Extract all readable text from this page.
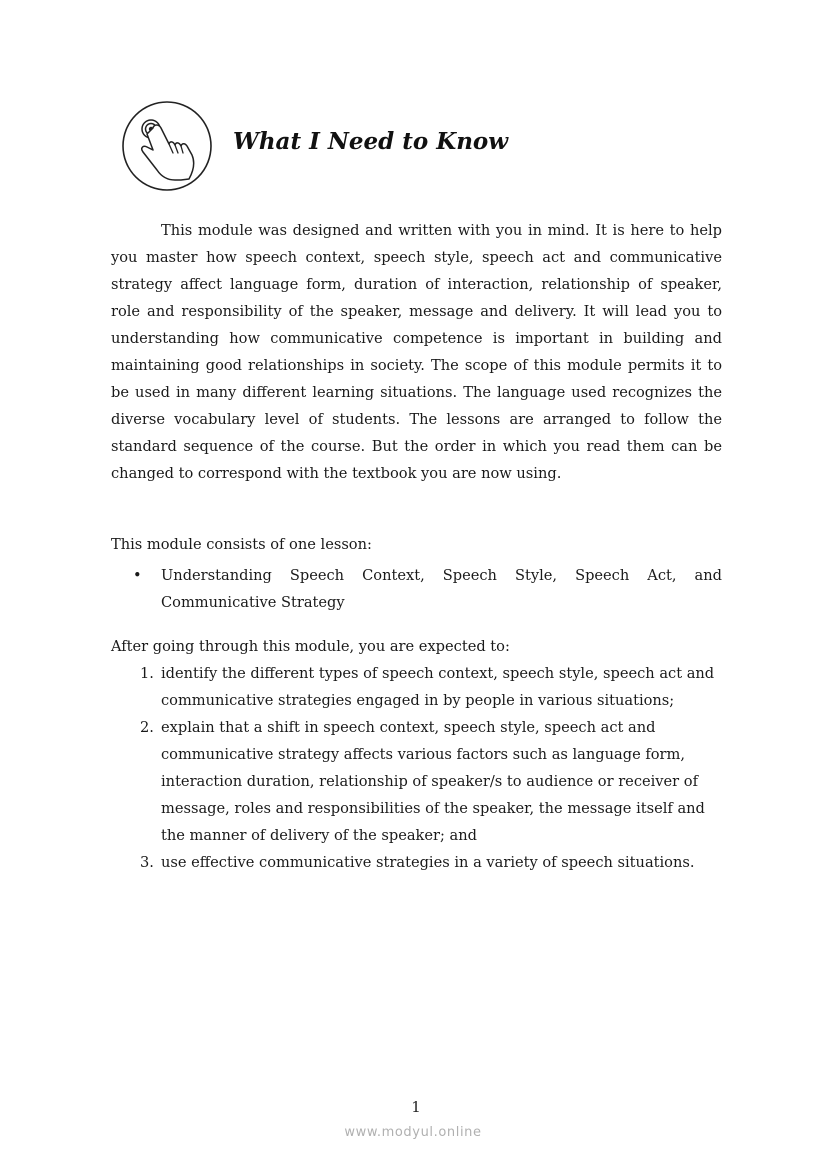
What I Need to Know

This module was designed and written with you in mind. It is here to help you master how speech context, speech style, speech act and communicative strategy affect language form, duration of interaction, relationship of speaker, role and responsibility of the speaker, message and delivery. It will lead you to understanding how communicative competence is important in building and maintaining good relationships in society. The scope of this module permits it to be used in many different learning situations. The language used recognizes the diverse vocabulary level of students. The lessons are arranged to follow the standard sequence of the course. But the order in which you read them can be changed to correspond with the textbook you are now using.

This module consists of one lesson:

• Understanding Speech Context, Speech Style, Speech Act, and Communicative Strategy

After going through this module, you are expected to:

1. identify the different types of speech context, speech style, speech act and communicative strategies engaged in by people in various situations;
2. explain that a shift in speech context, speech style, speech act and communicative strategy affects various factors such as language form, interaction duration, relationship of speaker/s to audience or receiver of message, roles and responsibilities of the speaker, the message itself and the manner of delivery of the speaker; and
3. use effective communicative strategies in a variety of speech situations.
1
www.modyul.online
